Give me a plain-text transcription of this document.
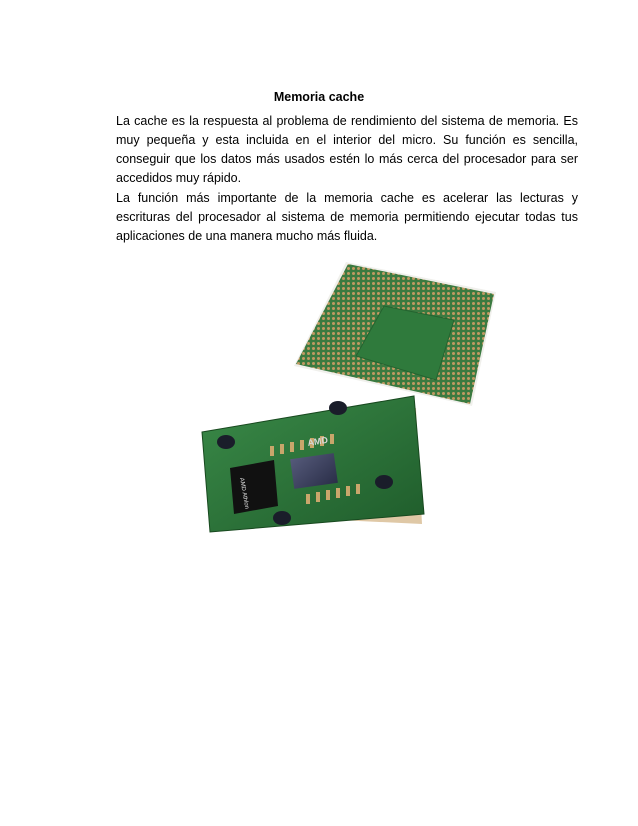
Memoria cache

La cache es la respuesta al problema de rendimiento del sistema de memoria. Es muy pequeña y esta incluida en el interior del micro. Su función es sencilla, conseguir que los datos más usados estén lo más cerca del procesador para ser accedidos muy rápido.

La función más importante de la memoria cache es acelerar las lecturas y escrituras del procesador al sistema de memoria permitiendo ejecutar todas tus aplicaciones de una manera mucho más fluida.

AMD
AMD Athlon
